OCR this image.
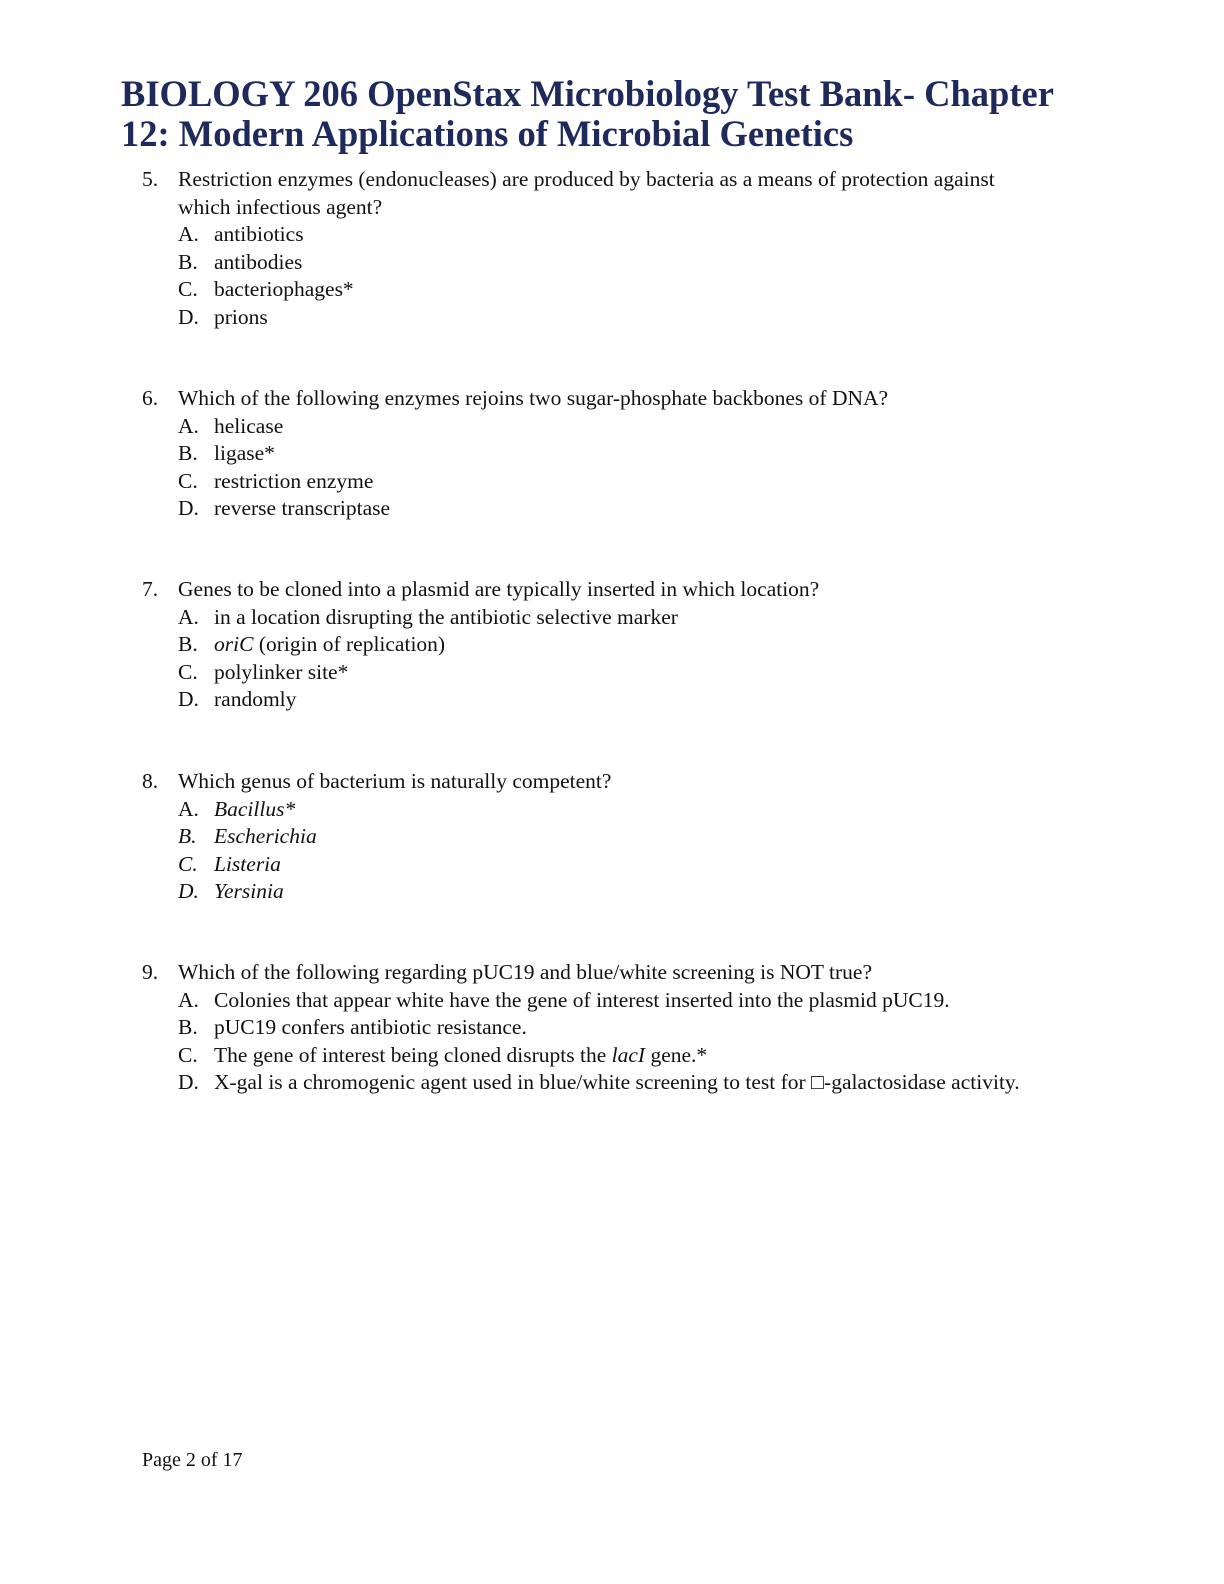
BIOLOGY 206 OpenStax Microbiology Test Bank- Chapter 12: Modern Applications of Microbial Genetics
5. Restriction enzymes (endonucleases) are produced by bacteria as a means of protection against which infectious agent?
A. antibiotics
B. antibodies
C. bacteriophages*
D. prions
6. Which of the following enzymes rejoins two sugar-phosphate backbones of DNA?
A. helicase
B. ligase*
C. restriction enzyme
D. reverse transcriptase
7. Genes to be cloned into a plasmid are typically inserted in which location?
A. in a location disrupting the antibiotic selective marker
B. oriC (origin of replication)
C. polylinker site*
D. randomly
8. Which genus of bacterium is naturally competent?
A. Bacillus*
B. Escherichia
C. Listeria
D. Yersinia
9. Which of the following regarding pUC19 and blue/white screening is NOT true?
A. Colonies that appear white have the gene of interest inserted into the plasmid pUC19.
B. pUC19 confers antibiotic resistance.
C. The gene of interest being cloned disrupts the lacI gene.*
D. X-gal is a chromogenic agent used in blue/white screening to test for □-galactosidase activity.
Page 2 of 17
